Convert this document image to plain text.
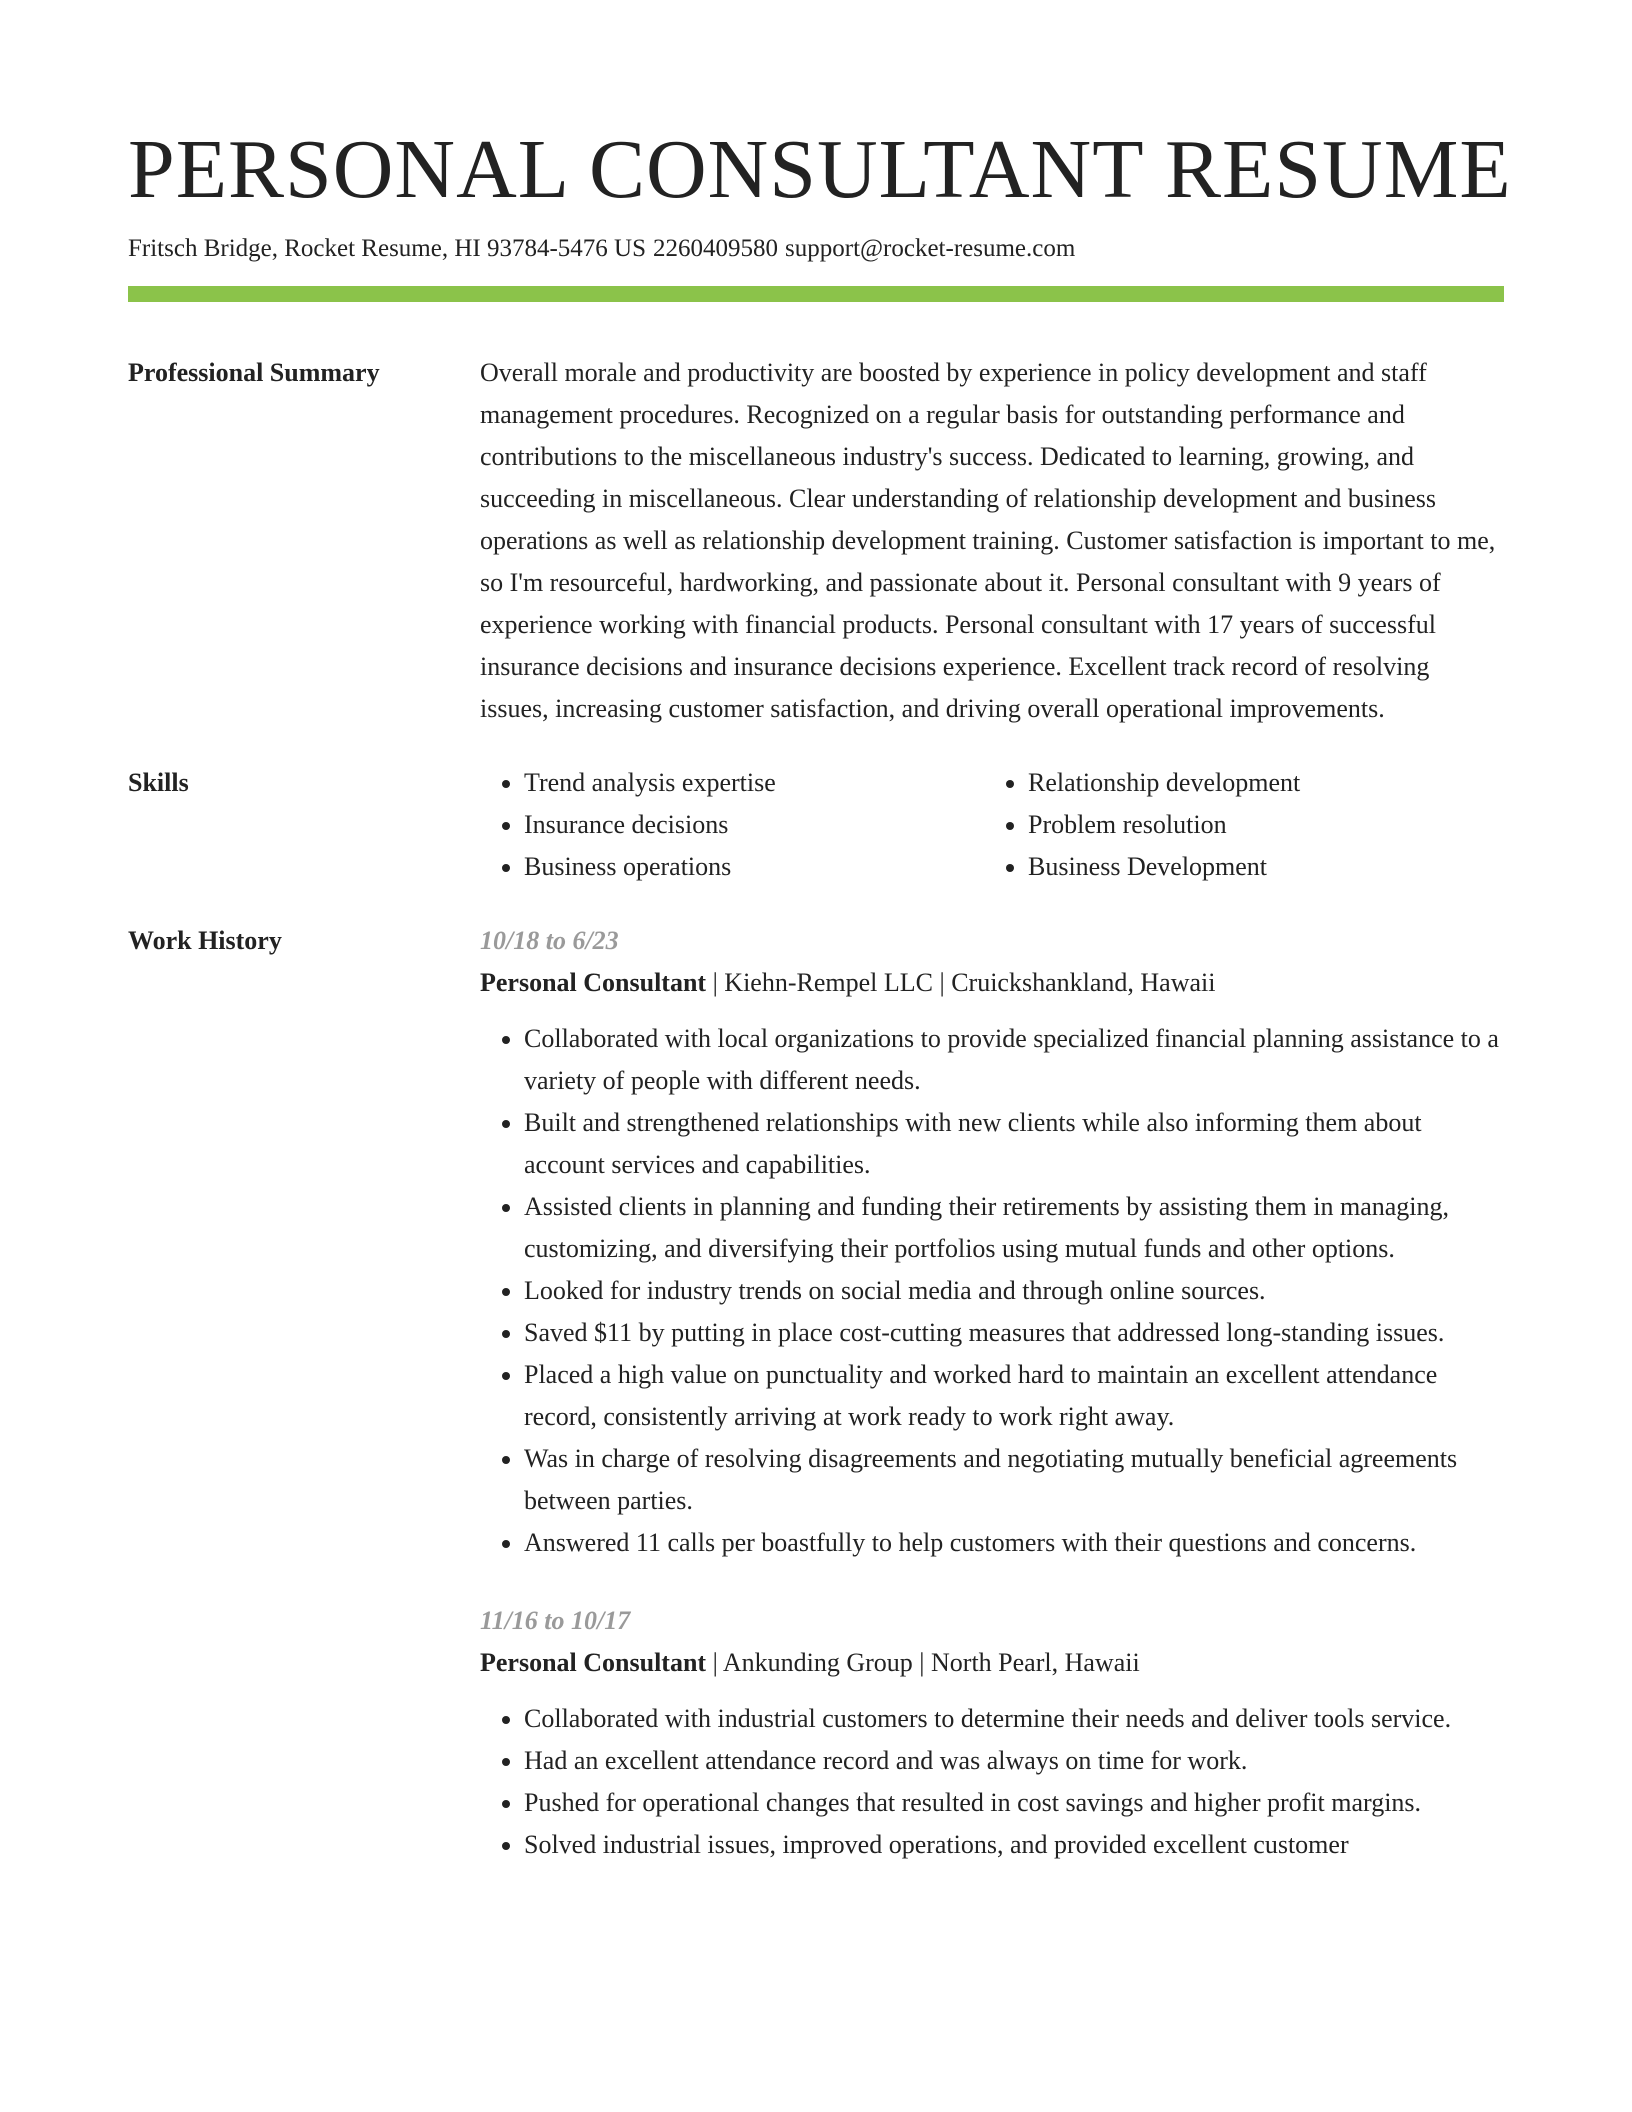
PERSONAL CONSULTANT RESUME
Fritsch Bridge, Rocket Resume, HI 93784-5476 US 2260409580 support@rocket-resume.com
Professional Summary	Overall morale and productivity are boosted by experience in policy development and staff management procedures. Recognized on a regular basis for outstanding performance and contributions to the miscellaneous industry's success. Dedicated to learning, growing, and succeeding in miscellaneous. Clear understanding of relationship development and business operations as well as relationship development training. Customer satisfaction is important to me, so I'm resourceful, hardworking, and passionate about it. Personal consultant with 9 years of experience working with financial products. Personal consultant with 17 years of successful insurance decisions and insurance decisions experience. Excellent track record of resolving issues, increasing customer satisfaction, and driving overall operational improvements.

Skills
•	Trend analysis expertise
• Insurance decisions
• Business operations
• Relationship development
• Problem resolution
• Business Development
Work History	10/18 to 6/23
Personal Consultant | Kiehn-Rempel LLC | Cruickshankland, Hawaii
• Collaborated with local organizations to provide specialized financial planning assistance to a variety of people with different needs.
• Built and strengthened relationships with new clients while also informing them about account services and capabilities.
• Assisted clients in planning and funding their retirements by assisting them in managing, customizing, and diversifying their portfolios using mutual funds and other options.
• Looked for industry trends on social media and through online sources.
• Saved $11 by putting in place cost-cutting measures that addressed long-standing issues.
• Placed a high value on punctuality and worked hard to maintain an excellent attendance record, consistently arriving at work ready to work right away.
• Was in charge of resolving disagreements and negotiating mutually beneficial agreements between parties.
• Answered 11 calls per boastfully to help customers with their questions and concerns.
11/16 to 10/17
Personal Consultant | Ankunding Group | North Pearl, Hawaii
• Collaborated with industrial customers to determine their needs and deliver tools service.
• Had an excellent attendance record and was always on time for work.
• Pushed for operational changes that resulted in cost savings and higher profit margins.
• Solved industrial issues, improved operations, and provided excellent customer
